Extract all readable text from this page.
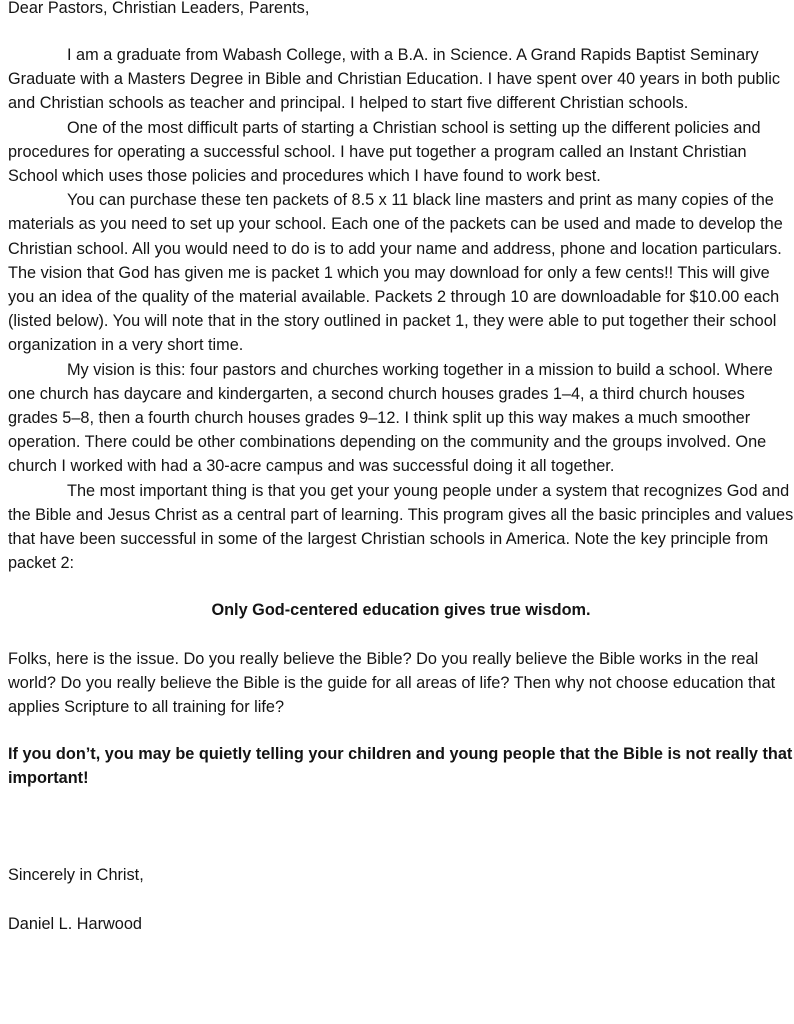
Dear Pastors, Christian Leaders, Parents,

I am a graduate from Wabash College, with a B.A. in Science. A Grand Rapids Baptist Seminary Graduate with a Masters Degree in Bible and Christian Education. I have spent over 40 years in both public and Christian schools as teacher and principal. I helped to start five different Christian schools.

One of the most difficult parts of starting a Christian school is setting up the different policies and procedures for operating a successful school. I have put together a program called an Instant Christian School which uses those policies and procedures which I have found to work best.

You can purchase these ten packets of 8.5 x 11 black line masters and print as many copies of the materials as you need to set up your school. Each one of the packets can be used and made to develop the Christian school. All you would need to do is to add your name and address, phone and location particulars. The vision that God has given me is packet 1 which you may download for only a few cents!! This will give you an idea of the quality of the material available. Packets 2 through 10 are downloadable for $10.00 each (listed below). You will note that in the story outlined in packet 1, they were able to put together their school organization in a very short time.

My vision is this: four pastors and churches working together in a mission to build a school. Where one church has daycare and kindergarten, a second church houses grades 1–4, a third church houses grades 5–8, then a fourth church houses grades 9–12. I think split up this way makes a much smoother operation. There could be other combinations depending on the community and the groups involved. One church I worked with had a 30-acre campus and was successful doing it all together.

The most important thing is that you get your young people under a system that recognizes God and the Bible and Jesus Christ as a central part of learning. This program gives all the basic principles and values that have been successful in some of the largest Christian schools in America. Note the key principle from packet 2:

Only God-centered education gives true wisdom.

Folks, here is the issue. Do you really believe the Bible? Do you really believe the Bible works in the real world? Do you really believe the Bible is the guide for all areas of life? Then why not choose education that applies Scripture to all training for life?

If you don’t, you may be quietly telling your children and young people that the Bible is not really that important!

Sincerely in Christ,

Daniel L. Harwood
